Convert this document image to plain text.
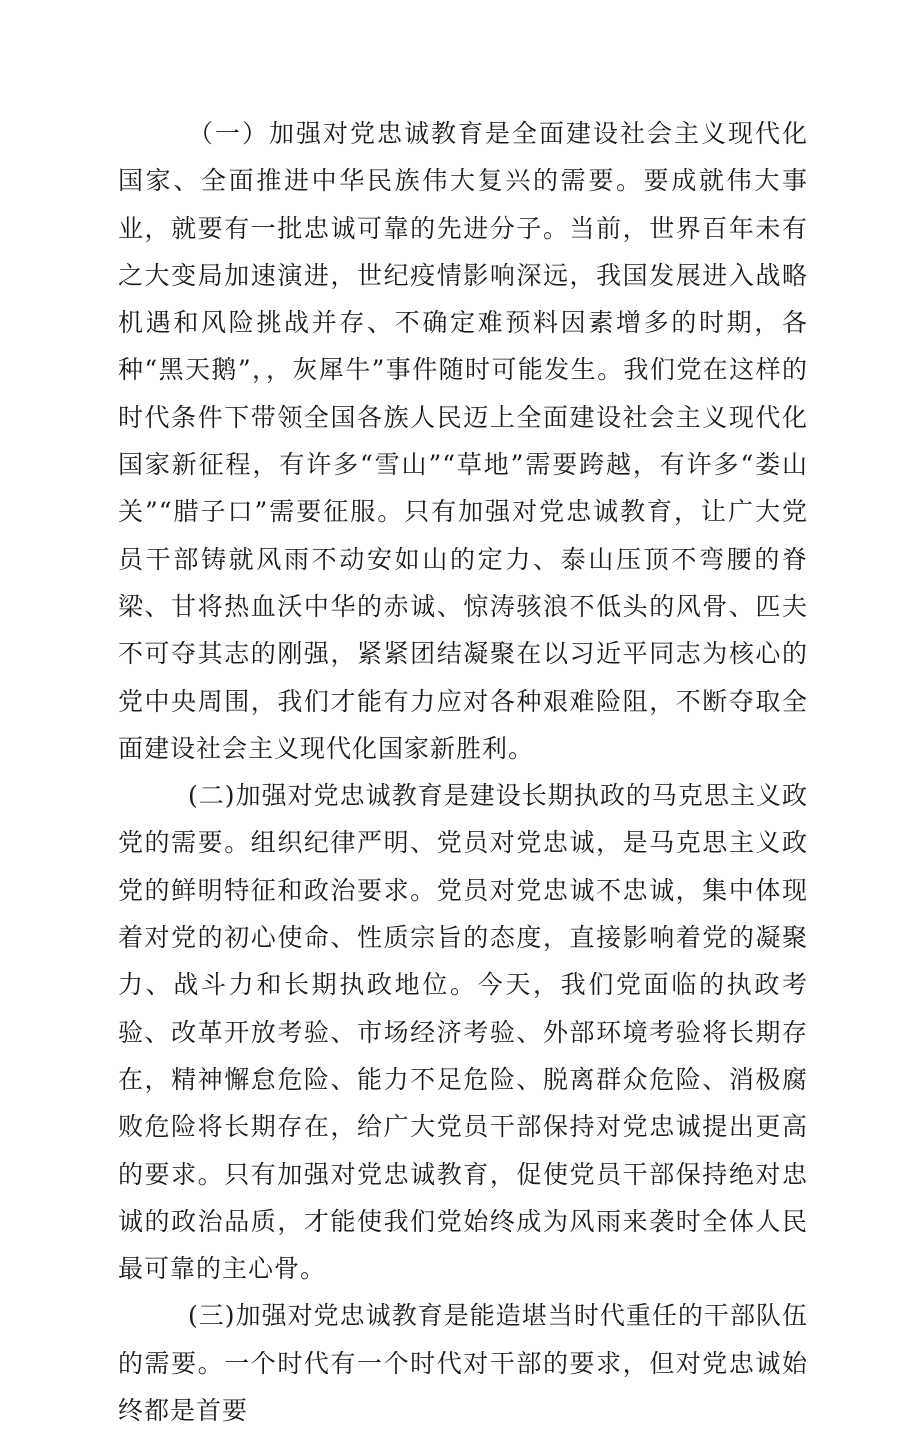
（一）加强对党忠诚教育是全面建设社会主义现代化国家、全面推进中华民族伟大复兴的需要。要成就伟大事业，就要有一批忠诚可靠的先进分子。当前，世界百年未有之大变局加速演进，世纪疫情影响深远，我国发展进入战略机遇和风险挑战并存、不确定难预料因素增多的时期，各种“黑天鹅”，，灰犀牛”事件随时可能发生。我们党在这样的时代条件下带领全国各族人民迈上全面建设社会主义现代化国家新征程，有许多“雪山”“草地”需要跨越，有许多“娄山关”“腊子口”需要征服。只有加强对党忠诚教育，让广大党员干部铸就风雨不动安如山的定力、泰山压顶不弯腰的脊梁、甘将热血沃中华的赤诚、惊涛骇浪不低头的风骨、匹夫不可夺其志的刚强，紧紧团结凝聚在以习近平同志为核心的党中央周围，我们才能有力应对各种艰难险阻，不断夺取全面建设社会主义现代化国家新胜利。

(二)加强对党忠诚教育是建设长期执政的马克思主义政党的需要。组织纪律严明、党员对党忠诚，是马克思主义政党的鲜明特征和政治要求。党员对党忠诚不忠诚，集中体现着对党的初心使命、性质宗旨的态度，直接影响着党的凝聚力、战斗力和长期执政地位。今天，我们党面临的执政考验、改革开放考验、市场经济考验、外部环境考验将长期存在，精神懈怠危险、能力不足危险、脱离群众危险、消极腐败危险将长期存在，给广大党员干部保持对党忠诚提出更高的要求。只有加强对党忠诚教育，促使党员干部保持绝对忠诚的政治品质，才能使我们党始终成为风雨来袭时全体人民最可靠的主心骨。

(三)加强对党忠诚教育是能造堪当时代重任的干部队伍的需要。一个时代有一个时代对干部的要求，但对党忠诚始终都是首要
